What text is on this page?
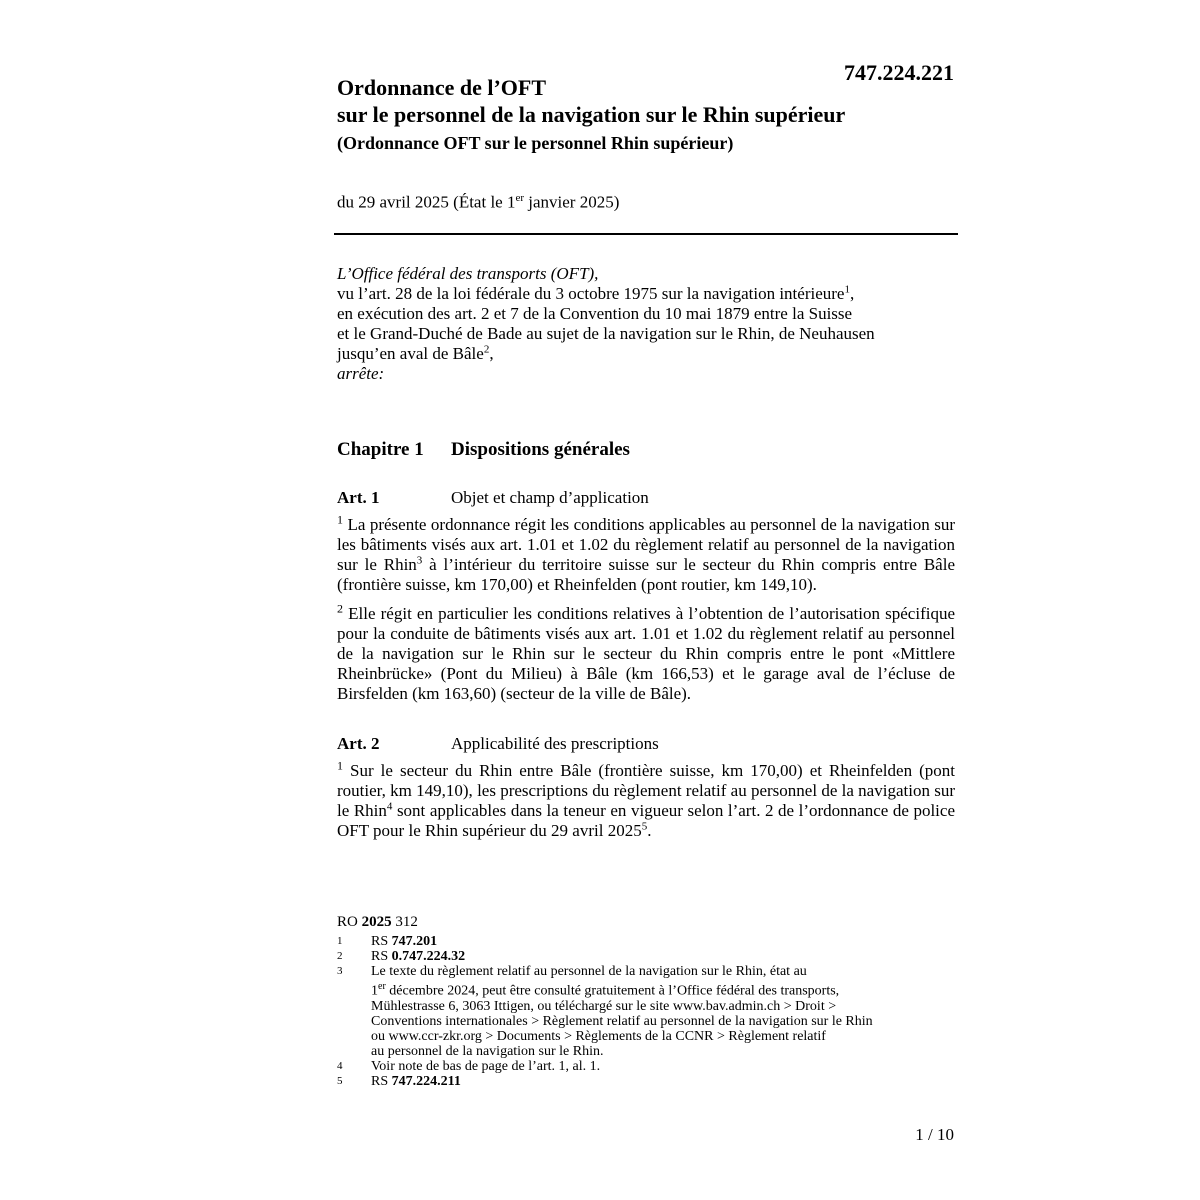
747.224.221

Ordonnance de l’OFT

sur le personnel de la navigation sur le Rhin supérieur

(Ordonnance OFT sur le personnel Rhin supérieur)
du 29 avril 2025 (État le 1er janvier 2025)
L’Office fédéral des transports (OFT),
vu l’art. 28 de la loi fédérale du 3 octobre 1975 sur la navigation intérieure$^1$,
en exécution des art. 2 et 7 de la Convention du 10 mai 1879 entre la Suisse
et le Grand-Duché de Bade au sujet de la navigation sur le Rhin, de Neuhausen
jusqu’en aval de Bâle$^2$,
arrête:
Chapitre 1 Dispositions générales
Art. 1	Objet et champ d’application

$^1$ La présente ordonnance régit les conditions applicables au personnel de la navigation sur les bâtiments visés aux art. 1.01 et 1.02 du règlement relatif au personnel de la navigation sur le Rhin$^3$ à l’intérieur du territoire suisse sur le secteur du Rhin compris entre Bâle (frontière suisse, km 170,00) et Rheinfelden (pont routier, km 149,10).

$^2$ Elle régit en particulier les conditions relatives à l’obtention de l’autorisation spécifique pour la conduite de bâtiments visés aux art. 1.01 et 1.02 du règlement relatif au personnel de la navigation sur le Rhin sur le secteur du Rhin compris entre le pont «Mittlere Rheinbrücke» (Pont du Milieu) à Bâle (km 166,53) et le garage aval de l’écluse de Birsfelden (km 163,60) (secteur de la ville de Bâle).

Art. 2	Applicabilité des prescriptions

$^1$ Sur le secteur du Rhin entre Bâle (frontière suisse, km 170,00) et Rheinfelden (pont routier, km 149,10), les prescriptions du règlement relatif au personnel de la navigation sur le Rhin$^4$ sont applicables dans la teneur en vigueur selon l’art. 2 de l’ordonnance de police OFT pour le Rhin supérieur du 29 avril 2025$^5$.

RO 2025 312
1	RS 747.201
2	RS 0.747.224.32
3	Le texte du règlement relatif au personnel de la navigation sur le Rhin, état au
1er décembre 2024, peut être consulté gratuitement à l’Office fédéral des transports,
Mühlestrasse 6, 3063 Ittigen, ou téléchargé sur le site www.bav.admin.ch > Droit >
Conventions internationales > Règlement relatif au personnel de la navigation sur le Rhin
ou www.ccr-zkr.org > Documents > Règlements de la CCNR > Règlement relatif
au personnel de la navigation sur le Rhin.
4	Voir note de bas de page de l’art. 1, al. 1.
5	RS 747.224.211
1 / 10
